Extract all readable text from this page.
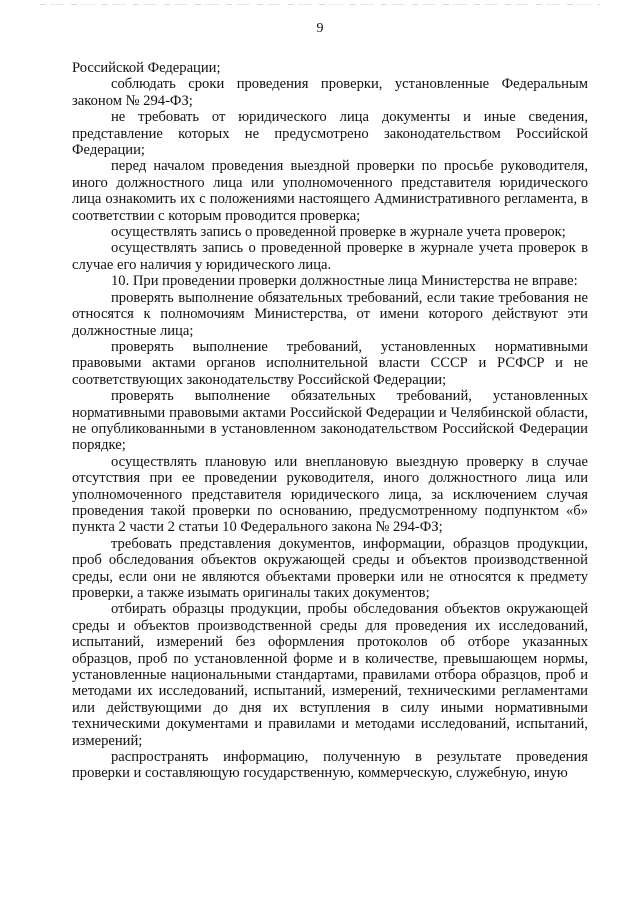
9

Российской Федерации;

соблюдать сроки проведения проверки, установленные Федеральным законом № 294-ФЗ;

не требовать от юридического лица документы и иные сведения, представление которых не предусмотрено законодательством Российской Федерации;

перед началом проведения выездной проверки по просьбе руководителя, иного должностного лица или уполномоченного представителя юридического лица ознакомить их с положениями настоящего Административного регламента, в соответствии с которым проводится проверка;

осуществлять запись о проведенной проверке в журнале учета проверок;

осуществлять запись о проведенной проверке в журнале учета проверок в случае его наличия у юридического лица.

10. При проведении проверки должностные лица Министерства не вправе:

проверять выполнение обязательных требований, если такие требования не относятся к полномочиям Министерства, от имени которого действуют эти должностные лица;

проверять выполнение требований, установленных нормативными правовыми актами органов исполнительной власти СССР и РСФСР и не соответствующих законодательству Российской Федерации;

проверять выполнение обязательных требований, установленных нормативными правовыми актами Российской Федерации и Челябинской области, не опубликованными в установленном законодательством Российской Федерации порядке;

осуществлять плановую или внеплановую выездную проверку в случае отсутствия при ее проведении руководителя, иного должностного лица или уполномоченного представителя юридического лица, за исключением случая проведения такой проверки по основанию, предусмотренному подпунктом «б» пункта 2 части 2 статьи 10 Федерального закона № 294-ФЗ;

требовать представления документов, информации, образцов продукции, проб обследования объектов окружающей среды и объектов производственной среды, если они не являются объектами проверки или не относятся к предмету проверки, а также изымать оригиналы таких документов;

отбирать образцы продукции, пробы обследования объектов окружающей среды и объектов производственной среды для проведения их исследований, испытаний, измерений без оформления протоколов об отборе указанных образцов, проб по установленной форме и в количестве, превышающем нормы, установленные национальными стандартами, правилами отбора образцов, проб и методами их исследований, испытаний, измерений, техническими регламентами или действующими до дня их вступления в силу иными нормативными техническими документами и правилами и методами исследований, испытаний, измерений;

распространять информацию, полученную в результате проведения проверки и составляющую государственную, коммерческую, служебную, иную
